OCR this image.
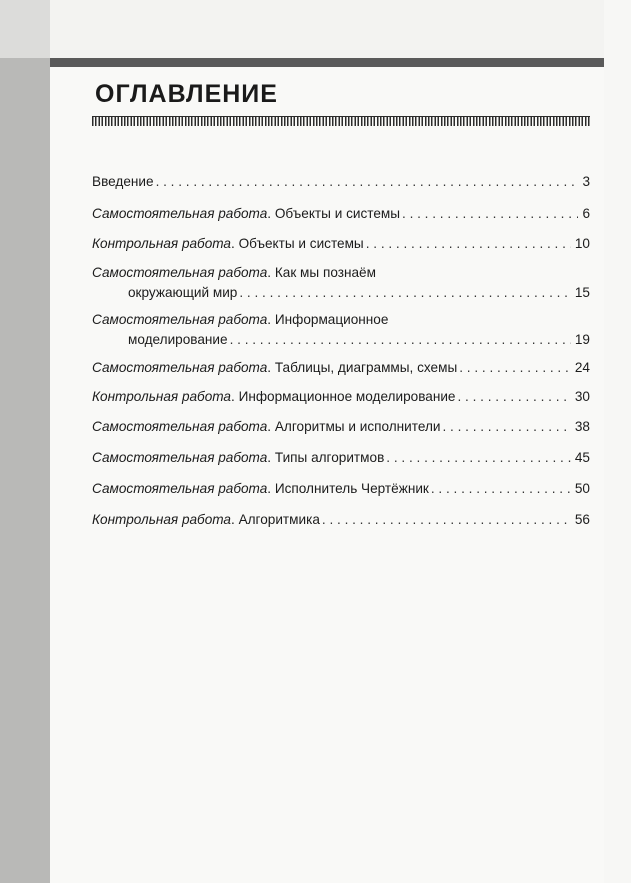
ОГЛАВЛЕНИЕ
Введение . . .	3
Самостоятельная работа . Объекты и системы . . .	6
Контрольная работа . Объекты и системы . . .	10
Самостоятельная работа . Как мы познаём
окружающий мир . . .	15
Самостоятельная работа . Информационное
моделирование . . .	19
Самостоятельная работа . Таблицы, диаграммы, схемы . . .	24
Контрольная работа . Информационное моделирование . . .	30
Самостоятельная работа . Алгоритмы и исполнители . . .	38
Самостоятельная работа . Типы алгоритмов . . .	45
Самостоятельная работа . Исполнитель Чертёжник . . .	50
Контрольная работа . Алгоритмика . . .	56
